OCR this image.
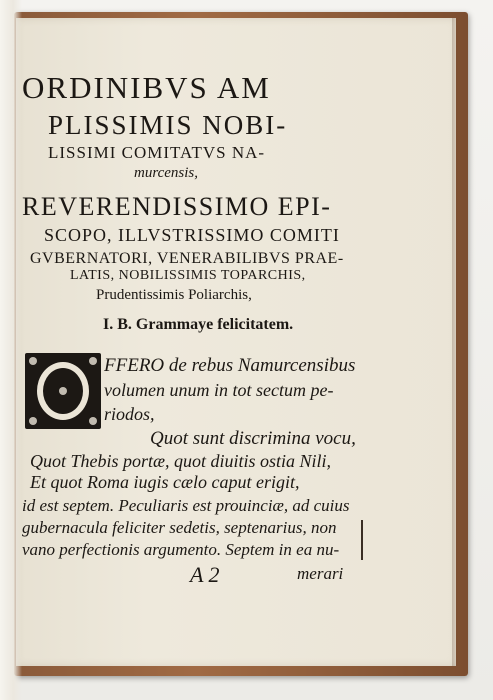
ORDINIBVS AM
PLISSIMIS NOBI-
LISSIMI COMITATVS NA-
murcensis,
REVERENDISSIMO EPI-
SCOPO, ILLVSTRISSIMO COMITI
GVBERNATORI, VENERABILIBVS PRAE-
LATIS, NOBILISSIMIS TOPARCHIS,
Prudentissimis Poliarchis,
I. B. Grammaye felicitatem.
FFERO de rebus Namurcensibus
volumen unum in tot sectum pe-
riodos,
Quot sunt discrimina vocu,
Quot Thebis portæ, quot diuitis ostia Nili,
Et quot Roma iugis cælo caput erigit,
id est septem. Peculiaris est prouinciæ, ad cuius
gubernacula feliciter sedetis, septenarius, non
vano perfectionis argumento. Septem in ea nu-
A 2	merari
